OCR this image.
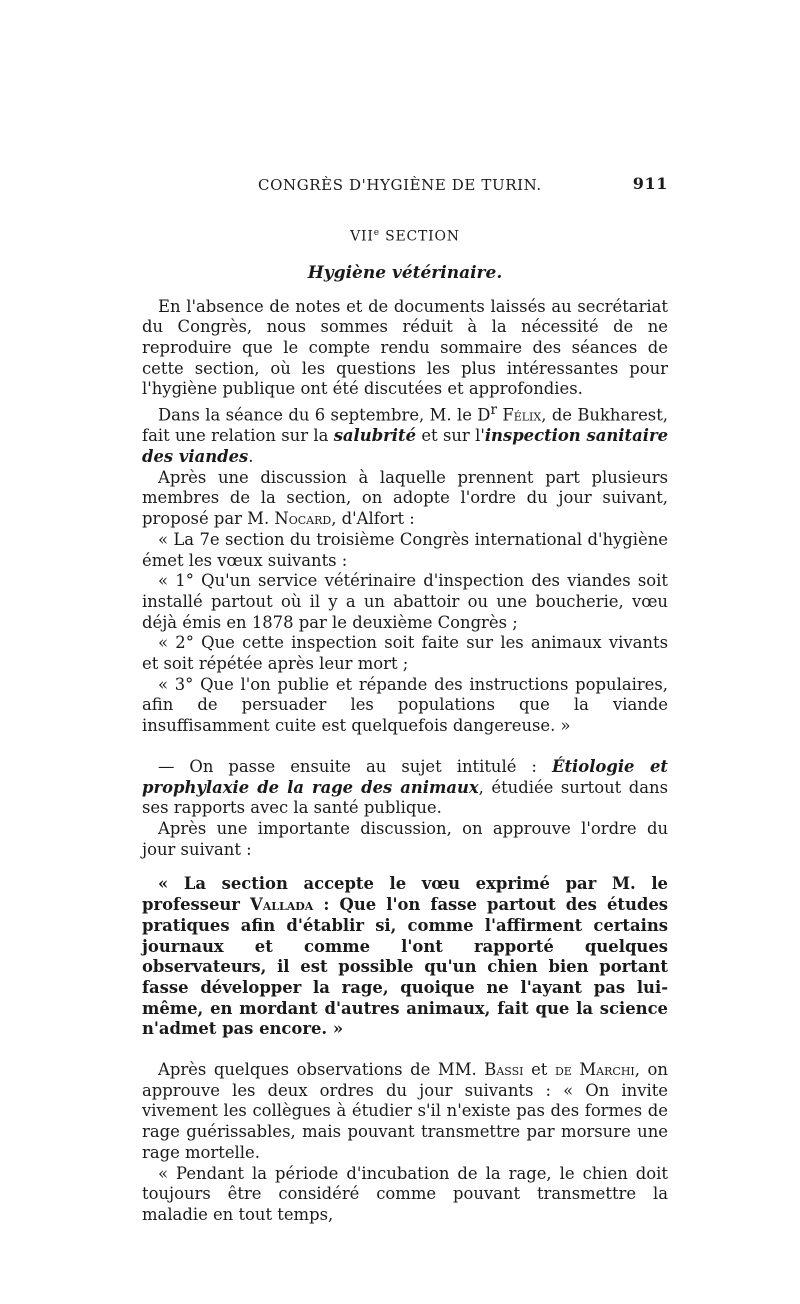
CONGRÈS D'HYGIÈNE DE TURIN.	911
VIIe SECTION
Hygiène vétérinaire.

En l'absence de notes et de documents laissés au secrétariat du Congrès, nous sommes réduit à la nécessité de ne reproduire que le compte rendu sommaire des séances de cette section, où les questions les plus intéressantes pour l'hygiène publique ont été discutées et approfondies.

Dans la séance du 6 septembre, M. le $D^r$ Félix, de Bukharest, fait une relation sur la salubrité et sur l'inspection sanitaire des viandes.

Après une discussion à laquelle prennent part plusieurs membres de la section, on adopte l'ordre du jour suivant, proposé par M. Nocard, d'Alfort :

« La 7e section du troisième Congrès international d'hygiène émet les vœux suivants :

« 1° Qu'un service vétérinaire d'inspection des viandes soit installé partout où il y a un abattoir ou une boucherie, vœu déjà émis en 1878 par le deuxième Congrès ;

« 2° Que cette inspection soit faite sur les animaux vivants et soit répétée après leur mort ;

« 3° Que l'on publie et répande des instructions populaires, afin de persuader les populations que la viande insuffisamment cuite est quelquefois dangereuse. »

— On passe ensuite au sujet intitulé : Étiologie et prophylaxie de la rage des animaux, étudiée surtout dans ses rapports avec la santé publique.

Après une importante discussion, on approuve l'ordre du jour suivant :

« La section accepte le vœu exprimé par M. le professeur Vallada : Que l'on fasse partout des études pratiques afin d'établir si, comme l'affirment certains journaux et comme l'ont rapporté quelques observateurs, il est possible qu'un chien bien portant fasse développer la rage, quoique ne l'ayant pas lui-même, en mordant d'autres animaux, fait que la science n'admet pas encore. »

Après quelques observations de MM. Bassi et de Marchi, on approuve les deux ordres du jour suivants : « On invite vivement les collègues à étudier s'il n'existe pas des formes de rage guérissables, mais pouvant transmettre par morsure une rage mortelle.

« Pendant la période d'incubation de la rage, le chien doit toujours être considéré comme pouvant transmettre la maladie en tout temps,
